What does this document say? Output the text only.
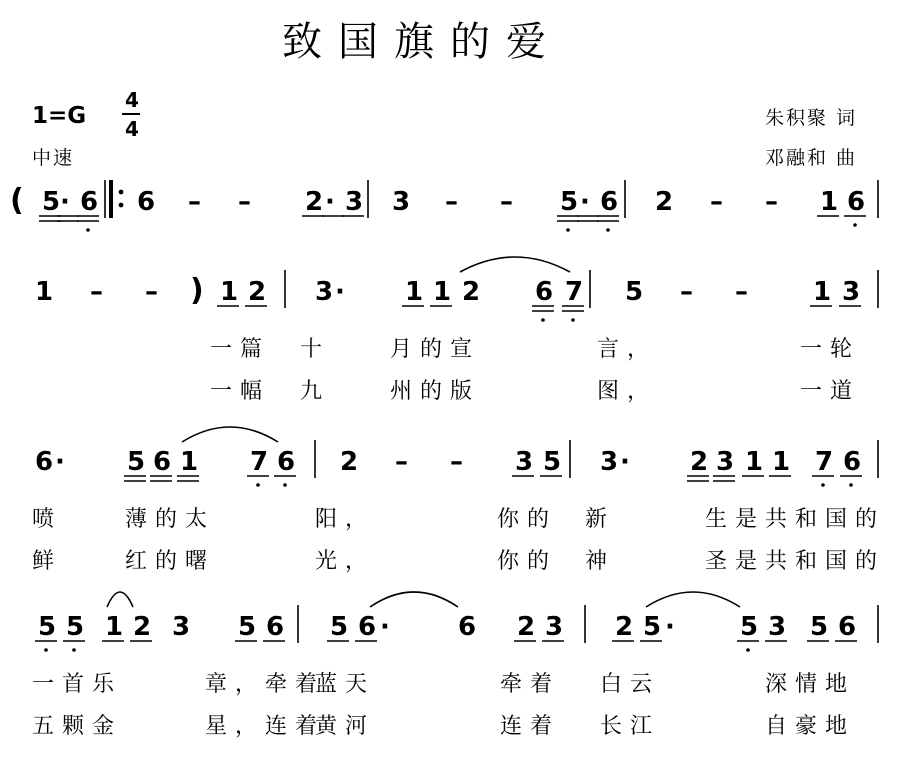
致国旗的爱
1=G
4
4
中速
朱积聚 词
邓融和 曲
( 5 · 6 6 – – 2 · 3 3 – – 5 · 6 2 – – 1 6
1 – – ) 1 2 3 · 1 1 2 6 7 5 – –	1 3
一篇 十	月的宣	言，	一轮
一幅 九	州的版	图，	一道
6 · 5 6 1 7 6 2 – – 3 5 3 · 2 3 1 1 7 6
喷	薄的太	阳，	你的 新	生是共和国的
鲜	红的曙	光，	你的 神	圣是共和国的
5 5 1 2 3 5 6 5 6 ·	6 2 3 2 5 ·	5 3 5 6
一首乐	章，牵着
蓝天	牵着 白云	深情地
五颗金	星，连着
黄河	连着 长江	自豪地
